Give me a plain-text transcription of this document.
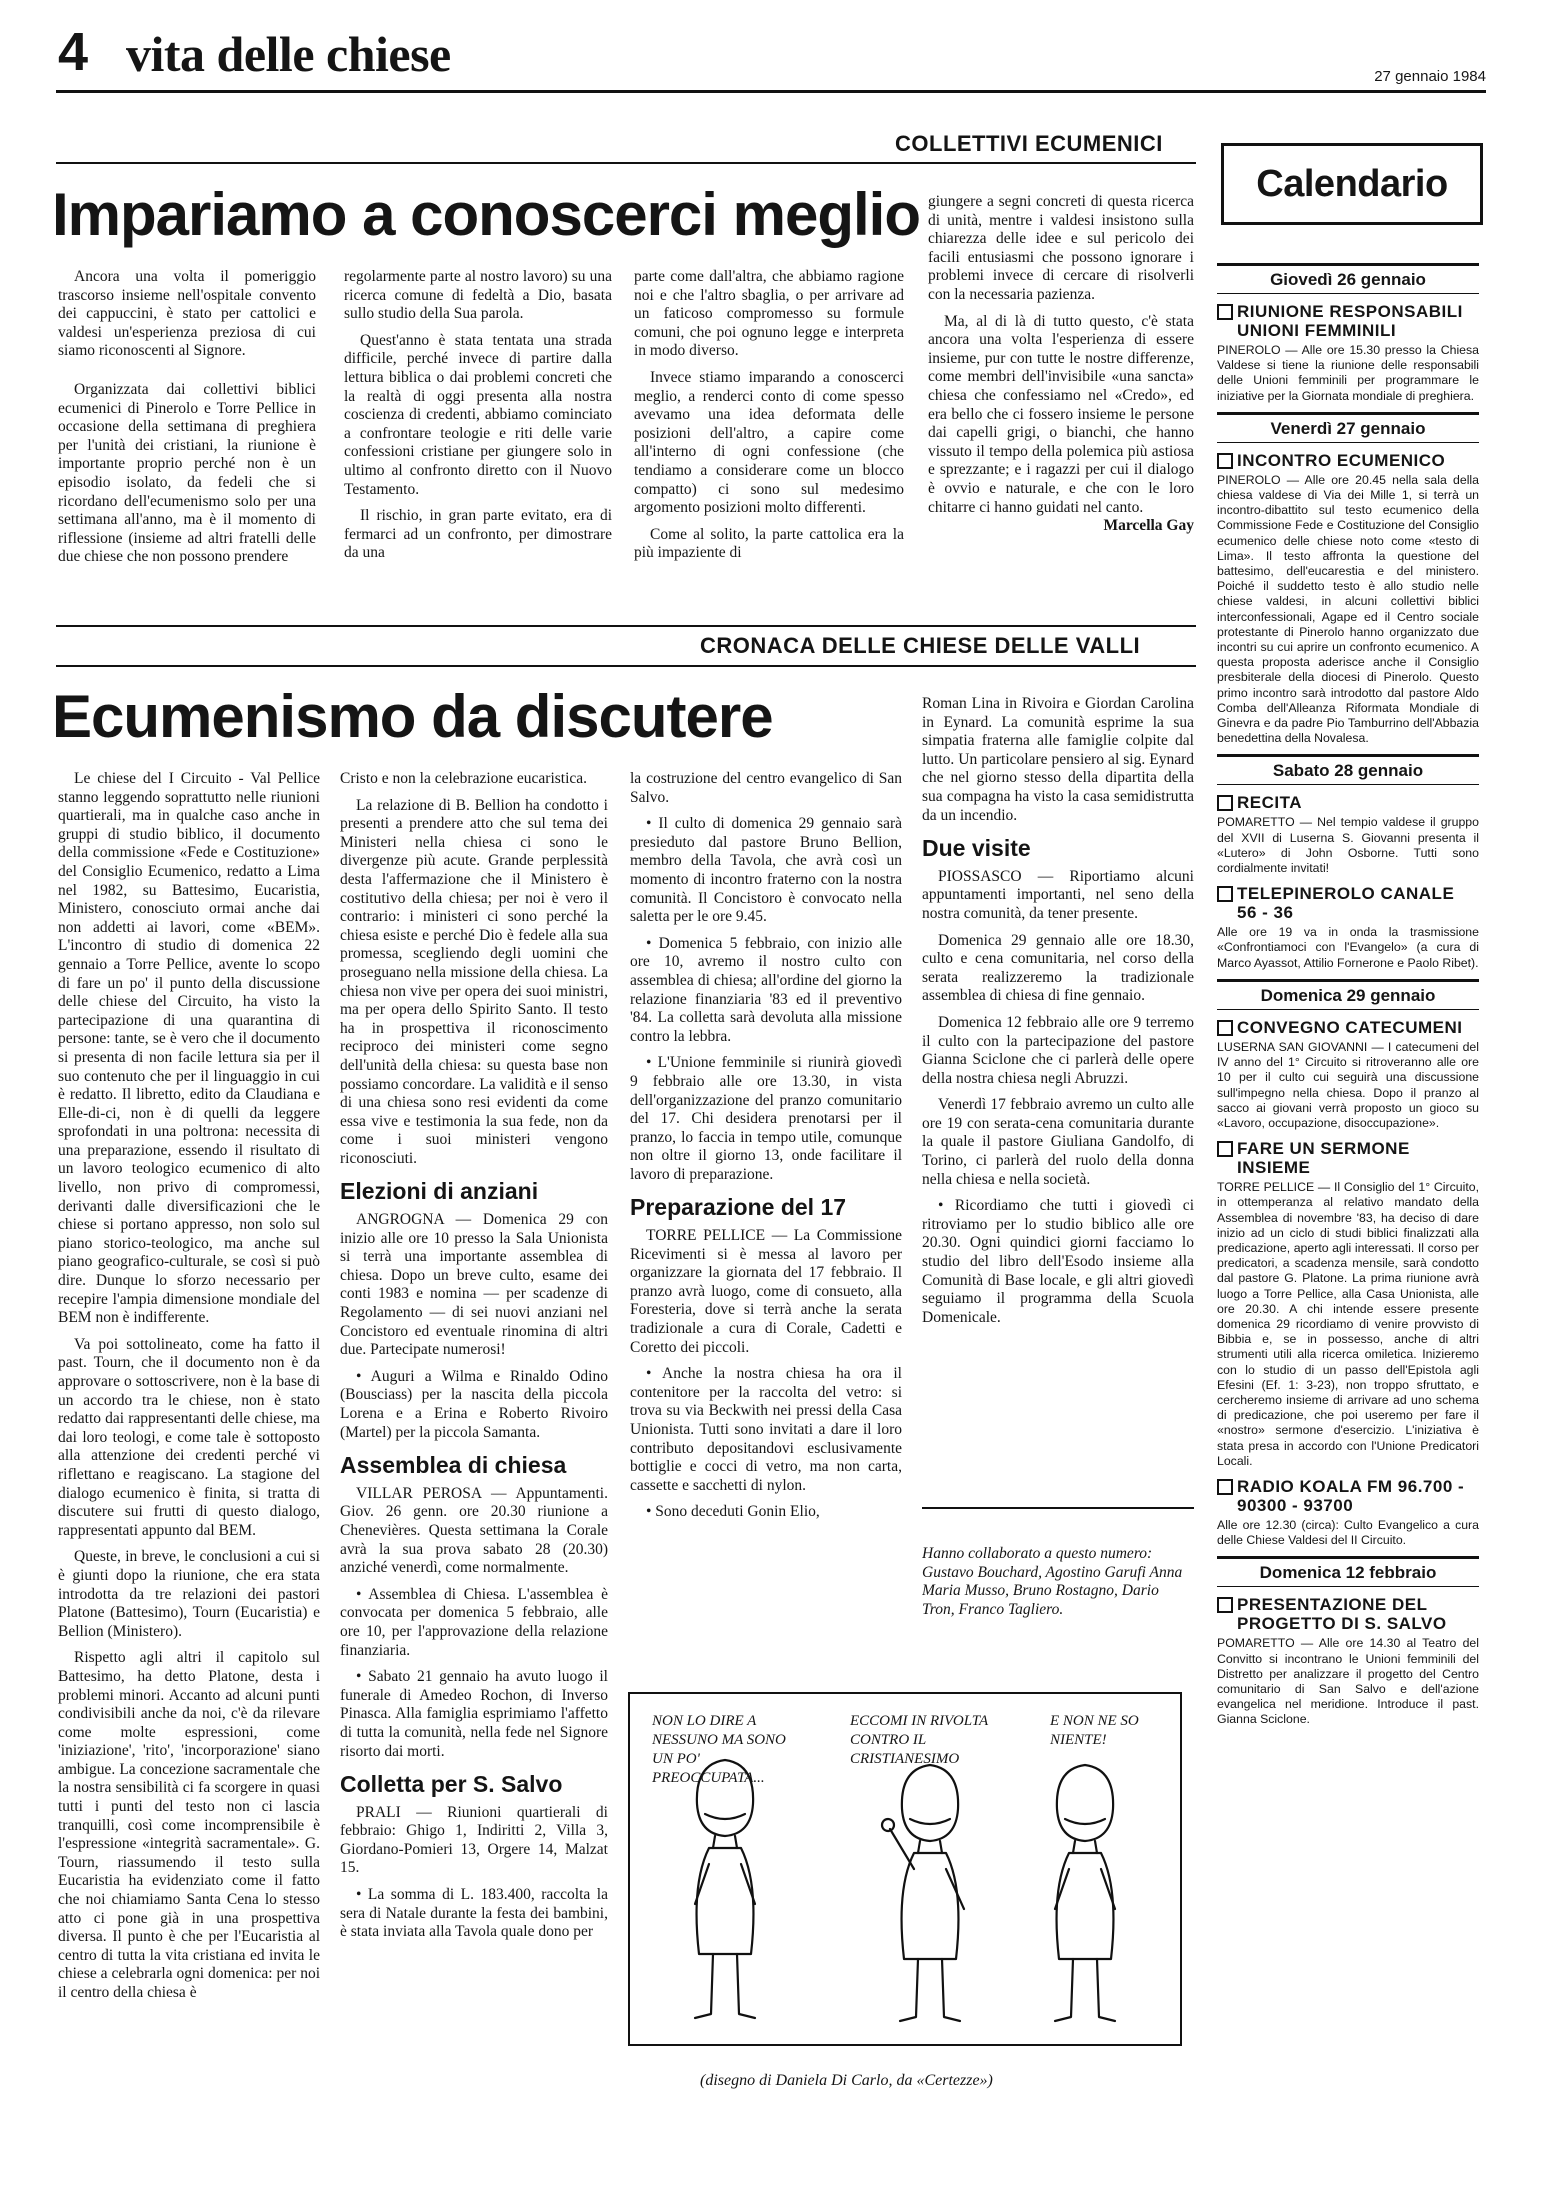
4 vita delle chiese	27 gennaio 1984
COLLETTIVI ECUMENICI
Impariamo a conoscerci meglio

Ancora una volta il pomeriggio trascorso insieme nell'ospitale convento dei cappuccini, è stato per cattolici e valdesi un'esperienza preziosa di cui siamo riconoscenti al Signore.

Organizzata dai collettivi biblici ecumenici di Pinerolo e Torre Pellice in occasione della settimana di preghiera per l'unità dei cristiani, la riunione è importante proprio perché non è un episodio isolato, da fedeli che si ricordano dell'ecumenismo solo per una settimana all'anno, ma è il momento di riflessione (insieme ad altri fratelli delle due chiese che non possono prendere

regolarmente parte al nostro lavoro) su una ricerca comune di fedeltà a Dio, basata sullo studio della Sua parola.

Quest'anno è stata tentata una strada difficile, perché invece di partire dalla lettura biblica o dai problemi concreti che la realtà di oggi presenta alla nostra coscienza di credenti, abbiamo cominciato a confrontare teologie e riti delle varie confessioni cristiane per giungere solo in ultimo al confronto diretto con il Nuovo Testamento.

Il rischio, in gran parte evitato, era di fermarci ad un confronto, per dimostrare da una

parte come dall'altra, che abbiamo ragione noi e che l'altro sbaglia, o per arrivare ad un faticoso compromesso su formule comuni, che poi ognuno legge e interpreta in modo diverso.

Invece stiamo imparando a conoscerci meglio, a renderci conto di come spesso avevamo una idea deformata delle posizioni dell'altro, a capire come all'interno di ogni confessione (che tendiamo a considerare come un blocco compatto) ci sono sul medesimo argomento posizioni molto differenti.

Come al solito, la parte cattolica era la più impaziente di

giungere a segni concreti di questa ricerca di unità, mentre i valdesi insistono sulla chiarezza delle idee e sul pericolo dei facili entusiasmi che possono ignorare i problemi invece di cercare di risolverli con la necessaria pazienza.

Ma, al di là di tutto questo, c'è stata ancora una volta l'esperienza di essere insieme, pur con tutte le nostre differenze, come membri dell'invisibile «una sancta» chiesa che confessiamo nel «Credo», ed era bello che ci fossero insieme le persone dai capelli grigi, o bianchi, che hanno vissuto il tempo della polemica più astiosa e sprezzante; e i ragazzi per cui il dialogo è ovvio e naturale, e che con le loro chitarre ci hanno guidati nel canto.

Marcella Gay

CRONACA DELLE CHIESE DELLE VALLI
Ecumenismo da discutere

Le chiese del I Circuito - Val Pellice stanno leggendo soprattutto nelle riunioni quartierali, ma in qualche caso anche in gruppi di studio biblico, il documento della commissione «Fede e Costituzione» del Consiglio Ecumenico, redatto a Lima nel 1982, su Battesimo, Eucaristia, Ministero, conosciuto ormai anche dai non addetti ai lavori, come «BEM». L'incontro di studio di domenica 22 gennaio a Torre Pellice, avente lo scopo di fare un po' il punto della discussione delle chiese del Circuito, ha visto la partecipazione di una quarantina di persone: tante, se è vero che il documento si presenta di non facile lettura sia per il suo contenuto che per il linguaggio in cui è redatto. Il libretto, edito da Claudiana e Elle-di-ci, non è di quelli da leggere sprofondati in una poltrona: necessita di una preparazione, essendo il risultato di un lavoro teologico ecumenico di alto livello, non privo di compromessi, derivanti dalle diversificazioni che le chiese si portano appresso, non solo sul piano storico-teologico, ma anche sul piano geografico-culturale, se così si può dire. Dunque lo sforzo necessario per recepire l'ampia dimensione mondiale del BEM non è indifferente.

Va poi sottolineato, come ha fatto il past. Tourn, che il documento non è da approvare o sottoscrivere, non è la base di un accordo tra le chiese, non è stato redatto dai rappresentanti delle chiese, ma dai loro teologi, e come tale è sottoposto alla attenzione dei credenti perché vi riflettano e reagiscano. La stagione del dialogo ecumenico è finita, si tratta di discutere sui frutti di questo dialogo, rappresentati appunto dal BEM.

Queste, in breve, le conclusioni a cui si è giunti dopo la riunione, che era stata introdotta da tre relazioni dei pastori Platone (Battesimo), Tourn (Eucaristia) e Bellion (Ministero).

Rispetto agli altri il capitolo sul Battesimo, ha detto Platone, desta i problemi minori. Accanto ad alcuni punti condivisibili anche da noi, c'è da rilevare come molte espressioni, come 'iniziazione', 'rito', 'incorporazione' siano ambigue. La concezione sacramentale che la nostra sensibilità ci fa scorgere in quasi tutti i punti del testo non ci lascia tranquilli, così come incomprensibile è l'espressione «integrità sacramentale». G. Tourn, riassumendo il testo sulla Eucaristia ha evidenziato come il fatto che noi chiamiamo Santa Cena lo stesso atto ci pone già in una prospettiva diversa. Il punto è che per l'Eucaristia al centro di tutta la vita cristiana ed invita le chiese a celebrarla ogni domenica: per noi il centro della chiesa è

Cristo e non la celebrazione eucaristica.

La relazione di B. Bellion ha condotto i presenti a prendere atto che sul tema dei Ministeri nella chiesa ci sono le divergenze più acute. Grande perplessità desta l'affermazione che il Ministero è costitutivo della chiesa; per noi è vero il contrario: i ministeri ci sono perché la chiesa esiste e perché Dio è fedele alla sua promessa, scegliendo degli uomini che proseguano nella missione della chiesa. La chiesa non vive per opera dei suoi ministri, ma per opera dello Spirito Santo. Il testo ha in prospettiva il riconoscimento reciproco dei ministeri come segno dell'unità della chiesa: su questa base non possiamo concordare. La validità e il senso di una chiesa sono resi evidenti da come essa vive e testimonia la sua fede, non da come i suoi ministeri vengono riconosciuti.

Elezioni di anziani

ANGROGNA — Domenica 29 con inizio alle ore 10 presso la Sala Unionista si terrà una importante assemblea di chiesa. Dopo un breve culto, esame dei conti 1983 e nomina — per scadenze di Regolamento — di sei nuovi anziani nel Concistoro ed eventuale rinomina di altri due. Partecipate numerosi!

• Auguri a Wilma e Rinaldo Odino (Bousciass) per la nascita della piccola Lorena e a Erina e Roberto Rivoiro (Martel) per la piccola Samanta.

Assemblea di chiesa

VILLAR PEROSA — Appuntamenti. Giov. 26 genn. ore 20.30 riunione a Chenevières. Questa settimana la Corale avrà la sua prova sabato 28 (20.30) anziché venerdì, come normalmente.

• Assemblea di Chiesa. L'assemblea è convocata per domenica 5 febbraio, alle ore 10, per l'approvazione della relazione finanziaria.

• Sabato 21 gennaio ha avuto luogo il funerale di Amedeo Rochon, di Inverso Pinasca. Alla famiglia esprimiamo l'affetto di tutta la comunità, nella fede nel Signore risorto dai morti.

Colletta per S. Salvo

PRALI — Riunioni quartierali di febbraio: Ghigo 1, Indiritti 2, Villa 3, Giordano-Pomieri 13, Orgere 14, Malzat 15.

• La somma di L. 183.400, raccolta la sera di Natale durante la festa dei bambini, è stata inviata alla Tavola quale dono per

la costruzione del centro evangelico di San Salvo.

• Il culto di domenica 29 gennaio sarà presieduto dal pastore Bruno Bellion, membro della Tavola, che avrà così un momento di incontro fraterno con la nostra comunità. Il Concistoro è convocato nella saletta per le ore 9.45.

• Domenica 5 febbraio, con inizio alle ore 10, avremo il nostro culto con assemblea di chiesa; all'ordine del giorno la relazione finanziaria '83 ed il preventivo '84. La colletta sarà devoluta alla missione contro la lebbra.

• L'Unione femminile si riunirà giovedì 9 febbraio alle ore 13.30, in vista dell'organizzazione del pranzo comunitario del 17. Chi desidera prenotarsi per il pranzo, lo faccia in tempo utile, comunque non oltre il giorno 13, onde facilitare il lavoro di preparazione.

Preparazione del 17

TORRE PELLICE — La Commissione Ricevimenti si è messa al lavoro per organizzare la giornata del 17 febbraio. Il pranzo avrà luogo, come di consueto, alla Foresteria, dove si terrà anche la serata tradizionale a cura di Corale, Cadetti e Coretto dei piccoli.

• Anche la nostra chiesa ha ora il contenitore per la raccolta del vetro: si trova su via Beckwith nei pressi della Casa Unionista. Tutti sono invitati a dare il loro contributo depositandovi esclusivamente bottiglie e cocci di vetro, ma non carta, cassette e sacchetti di nylon.

• Sono deceduti Gonin Elio,

Roman Lina in Rivoira e Giordan Carolina in Eynard. La comunità esprime la sua simpatia fraterna alle famiglie colpite dal lutto. Un particolare pensiero al sig. Eynard che nel giorno stesso della dipartita della sua compagna ha visto la casa semidistrutta da un incendio.

Due visite

PIOSSASCO — Riportiamo alcuni appuntamenti importanti, nel seno della nostra comunità, da tener presente.

Domenica 29 gennaio alle ore 18.30, culto e cena comunitaria, nel corso della serata realizzeremo la tradizionale assemblea di chiesa di fine gennaio.

Domenica 12 febbraio alle ore 9 terremo il culto con la partecipazione del pastore Gianna Sciclone che ci parlerà delle opere della nostra chiesa negli Abruzzi.

Venerdì 17 febbraio avremo un culto alle ore 19 con serata-cena comunitaria durante la quale il pastore Giuliana Gandolfo, di Torino, ci parlerà del ruolo della donna nella chiesa e nella società.

• Ricordiamo che tutti i giovedì ci ritroviamo per lo studio biblico alle ore 20.30. Ogni quindici giorni facciamo lo studio del libro dell'Esodo insieme alla Comunità di Base locale, e gli altri giovedì seguiamo il programma della Scuola Domenicale.

Hanno collaborato a questo numero: Gustavo Bouchard, Agostino Garufi Anna Maria Musso, Bruno Rostagno, Dario Tron, Franco Tagliero.

NON LO DIRE A NESSUNO MA SONO UN PO' PREOCCUPATA...
ECCOMI IN RIVOLTA CONTRO IL CRISTIANESIMO
E NON NE SO NIENTE!
(disegno di Daniela Di Carlo, da «Certezze»)
Calendario
Giovedì 26 gennaio
RIUNIONE RESPONSABILI UNIONI FEMMINILI
PINEROLO — Alle ore 15.30 presso la Chiesa Valdese si tiene la riunione delle responsabili delle Unioni femminili per programmare le iniziative per la Giornata mondiale di preghiera.
Venerdì 27 gennaio
INCONTRO ECUMENICO
PINEROLO — Alle ore 20.45 nella sala della chiesa valdese di Via dei Mille 1, si terrà un incontro-dibattito sul testo ecumenico della Commissione Fede e Costituzione del Consiglio ecumenico delle chiese noto come «testo di Lima». Il testo affronta la questione del battesimo, dell'eucarestia e del ministero. Poiché il suddetto testo è allo studio nelle chiese valdesi, in alcuni collettivi biblici interconfessionali, Agape ed il Centro sociale protestante di Pinerolo hanno organizzato due incontri su cui aprire un confronto ecumenico. A questa proposta aderisce anche il Consiglio presbiterale della diocesi di Pinerolo. Questo primo incontro sarà introdotto dal pastore Aldo Comba dell'Alleanza Riformata Mondiale di Ginevra e da padre Pio Tamburrino dell'Abbazia benedettina della Novalesa.
Sabato 28 gennaio
RECITA
POMARETTO — Nel tempio valdese il gruppo del XVII di Luserna S. Giovanni presenta il «Lutero» di John Osborne. Tutti sono cordialmente invitati!
TELEPINEROLO CANALE 56 - 36
Alle ore 19 va in onda la trasmissione «Confrontiamoci con l'Evangelo» (a cura di Marco Ayassot, Attilio Fornerone e Paolo Ribet).
Domenica 29 gennaio
CONVEGNO CATECUMENI
LUSERNA SAN GIOVANNI — I catecumeni del IV anno del 1° Circuito si ritroveranno alle ore 10 per il culto cui seguirà una discussione sull'impegno nella chiesa. Dopo il pranzo al sacco ai giovani verrà proposto un gioco su «Lavoro, occupazione, disoccupazione».
FARE UN SERMONE INSIEME
TORRE PELLICE — Il Consiglio del 1° Circuito, in ottemperanza al relativo mandato della Assemblea di novembre '83, ha deciso di dare inizio ad un ciclo di studi biblici finalizzati alla predicazione, aperto agli interessati. Il corso per predicatori, a scadenza mensile, sarà condotto dal pastore G. Platone. La prima riunione avrà luogo a Torre Pellice, alla Casa Unionista, alle ore 20.30. A chi intende essere presente domenica 29 ricordiamo di venire provvisto di Bibbia e, se in possesso, anche di altri strumenti utili alla ricerca omiletica. Inizieremo con lo studio di un passo dell'Epistola agli Efesini (Ef. 1: 3-23), non troppo sfruttato, e cercheremo insieme di arrivare ad uno schema di predicazione, che poi useremo per fare il «nostro» sermone d'esercizio. L'iniziativa è stata presa in accordo con l'Unione Predicatori Locali.
RADIO KOALA FM 96.700 - 90300 - 93700
Alle ore 12.30 (circa): Culto Evangelico a cura delle Chiese Valdesi del II Circuito.
Domenica 12 febbraio
PRESENTAZIONE DEL PROGETTO DI S. SALVO
POMARETTO — Alle ore 14.30 al Teatro del Convitto si incontrano le Unioni femminili del Distretto per analizzare il progetto del Centro comunitario di San Salvo e dell'azione evangelica nel meridione. Introduce il past. Gianna Sciclone.
